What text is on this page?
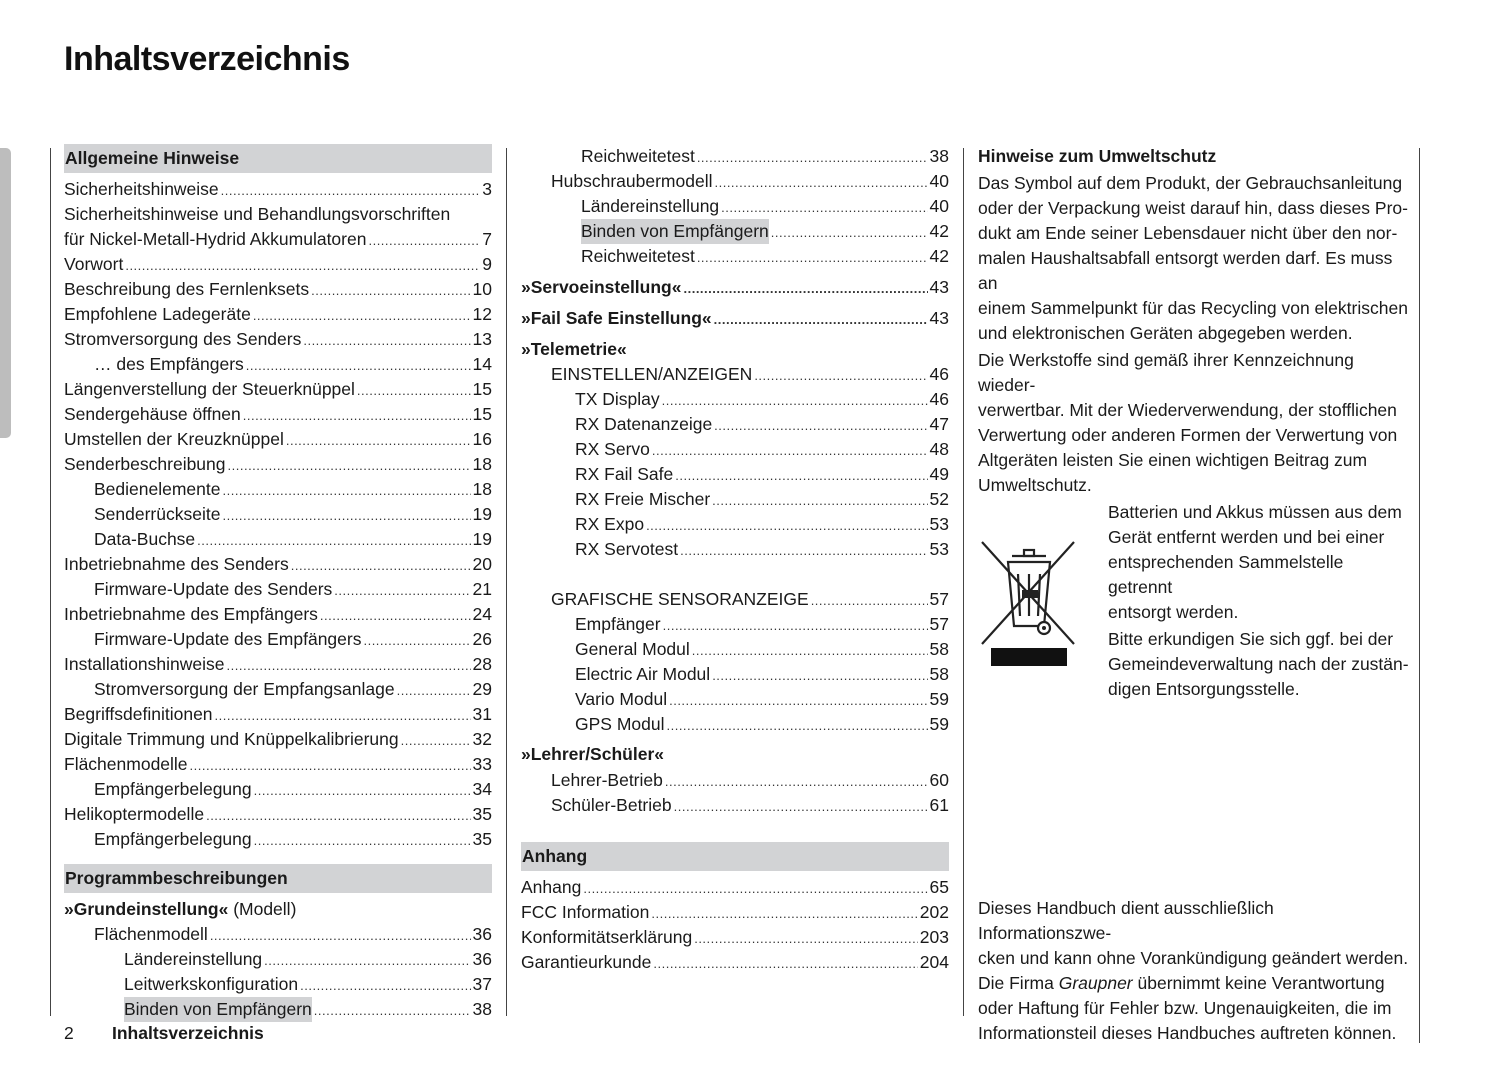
Inhaltsverzeichnis
Allgemeine Hinweise
Sicherheitshinweise .....	3
Sicherheitshinweise und Behandlungsvorschriften
für Nickel-Metall-Hydrid Akkumulatoren .....	7
Vorwort .....	9
Beschreibung des Fernlenksets .....	10
Empfohlene Ladegeräte .....	12
Stromversorgung des Senders .....	13
… des Empfängers .....	14
Längenverstellung der Steuerknüppel .....	15
Sendergehäuse öffnen .....	15
Umstellen der Kreuzknüppel .....	16
Senderbeschreibung .....	18
Bedienelemente .....	18
Senderrückseite .....	19
Data-Buchse .....	19
Inbetriebnahme des Senders .....	20
Firmware-Update des Senders .....	21
Inbetriebnahme des Empfängers .....	24
Firmware-Update des Empfängers .....	26
Installationshinweise .....	28
Stromversorgung der Empfangsanlage .....	29
Begriffsdefinitionen .....	31
Digitale Trimmung und Knüppelkalibrierung .....	32
Flächenmodelle .....	33
Empfängerbelegung .....	34
Helikoptermodelle .....	35
Empfängerbelegung .....	35
Programmbeschreibungen
»Grundeinstellung« (Modell)
Flächenmodell .....	36
Ländereinstellung .....	36
Leitwerkskonfiguration .....	37
Binden von Empfängern .....	38
Reichweitetest .....	38
Hubschraubermodell .....	40
Ländereinstellung .....	40
Binden von Empfängern .....	42
Reichweitetest .....	42
»Servoeinstellung« .....	43
»Fail Safe Einstellung« .....	43
»Telemetrie«
EINSTELLEN/ANZEIGEN .....	46
TX Display .....	46
RX Datenanzeige .....	47
RX Servo .....	48
RX Fail Safe .....	49
RX Freie Mischer .....	52
RX Expo .....	53
RX Servotest .....	53
GRAFISCHE SENSORANZEIGE .....	57
Empfänger .....	57
General Modul .....	58
Electric Air Modul .....	58
Vario Modul .....	59
GPS Modul .....	59
»Lehrer/Schüler«
Lehrer-Betrieb .....	60
Schüler-Betrieb .....	61
Anhang
Anhang .....	65
FCC Information .....	202
Konformitätserklärung .....	203
Garantieurkunde .....	204
Hinweise zum Umweltschutz

Das Symbol auf dem Produkt, der Gebrauchsanleitung
oder der Verpackung weist darauf hin, dass dieses Pro-
dukt am Ende seiner Lebensdauer nicht über den nor-
malen Haushaltsabfall entsorgt werden darf. Es muss an
einem Sammelpunkt für das Recycling von elektrischen
und elektronischen Geräten abgegeben werden.

Die Werkstoffe sind gemäß ihrer Kennzeichnung wieder-
verwertbar. Mit der Wiederverwendung, der stofflichen
Verwertung oder anderen Formen der Verwertung von
Altgeräten leisten Sie einen wichtigen Beitrag zum
Umweltschutz.

Batterien und Akkus müssen aus dem
Gerät entfernt werden und bei einer
entsprechenden Sammelstelle getrennt
entsorgt werden.

Bitte erkundigen Sie sich ggf. bei der
Gemeindeverwaltung nach der zustän-
digen Entsorgungsstelle.

Dieses Handbuch dient ausschließlich Informationszwe-
cken und kann ohne Vorankündigung geändert werden.

Die Firma Graupner übernimmt keine Verantwortung

oder Haftung für Fehler bzw. Ungenauigkeiten, die im
Informationsteil dieses Handbuches auftreten können.

2 Inhaltsverzeichnis
